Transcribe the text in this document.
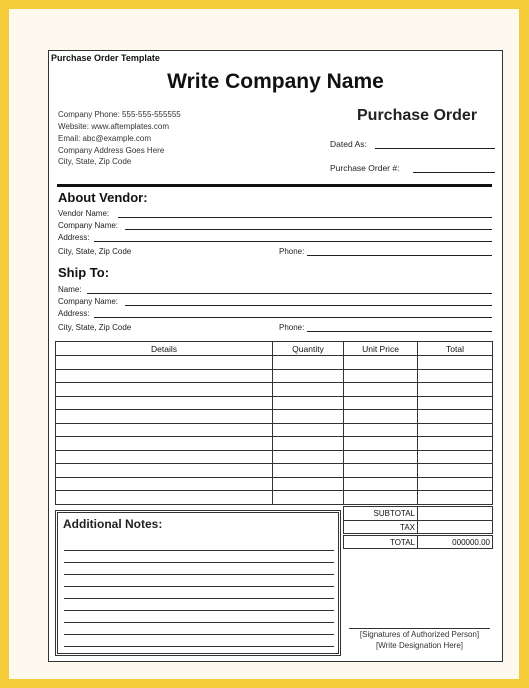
Purchase Order Template
Write Company Name
Company Phone: 555-555-555555
Website: www.aftemplates.com
Email: abc@example.com
Company Address Goes Here
City, State, Zip Code
Purchase Order
Dated As:
Purchase Order #:
About Vendor:
Vendor Name:
Company Name:
Address:
City, State, Zip Code	Phone:
Ship To:
Name:
Company Name:
Address:
City, State, Zip Code	Phone:
Details	Quantity	Unit Price	Total

SUBTOTAL	
TAX	
TOTAL	000000.00
Additional Notes:
[Signatures of Authorized Person]
[Write Designation Here]
